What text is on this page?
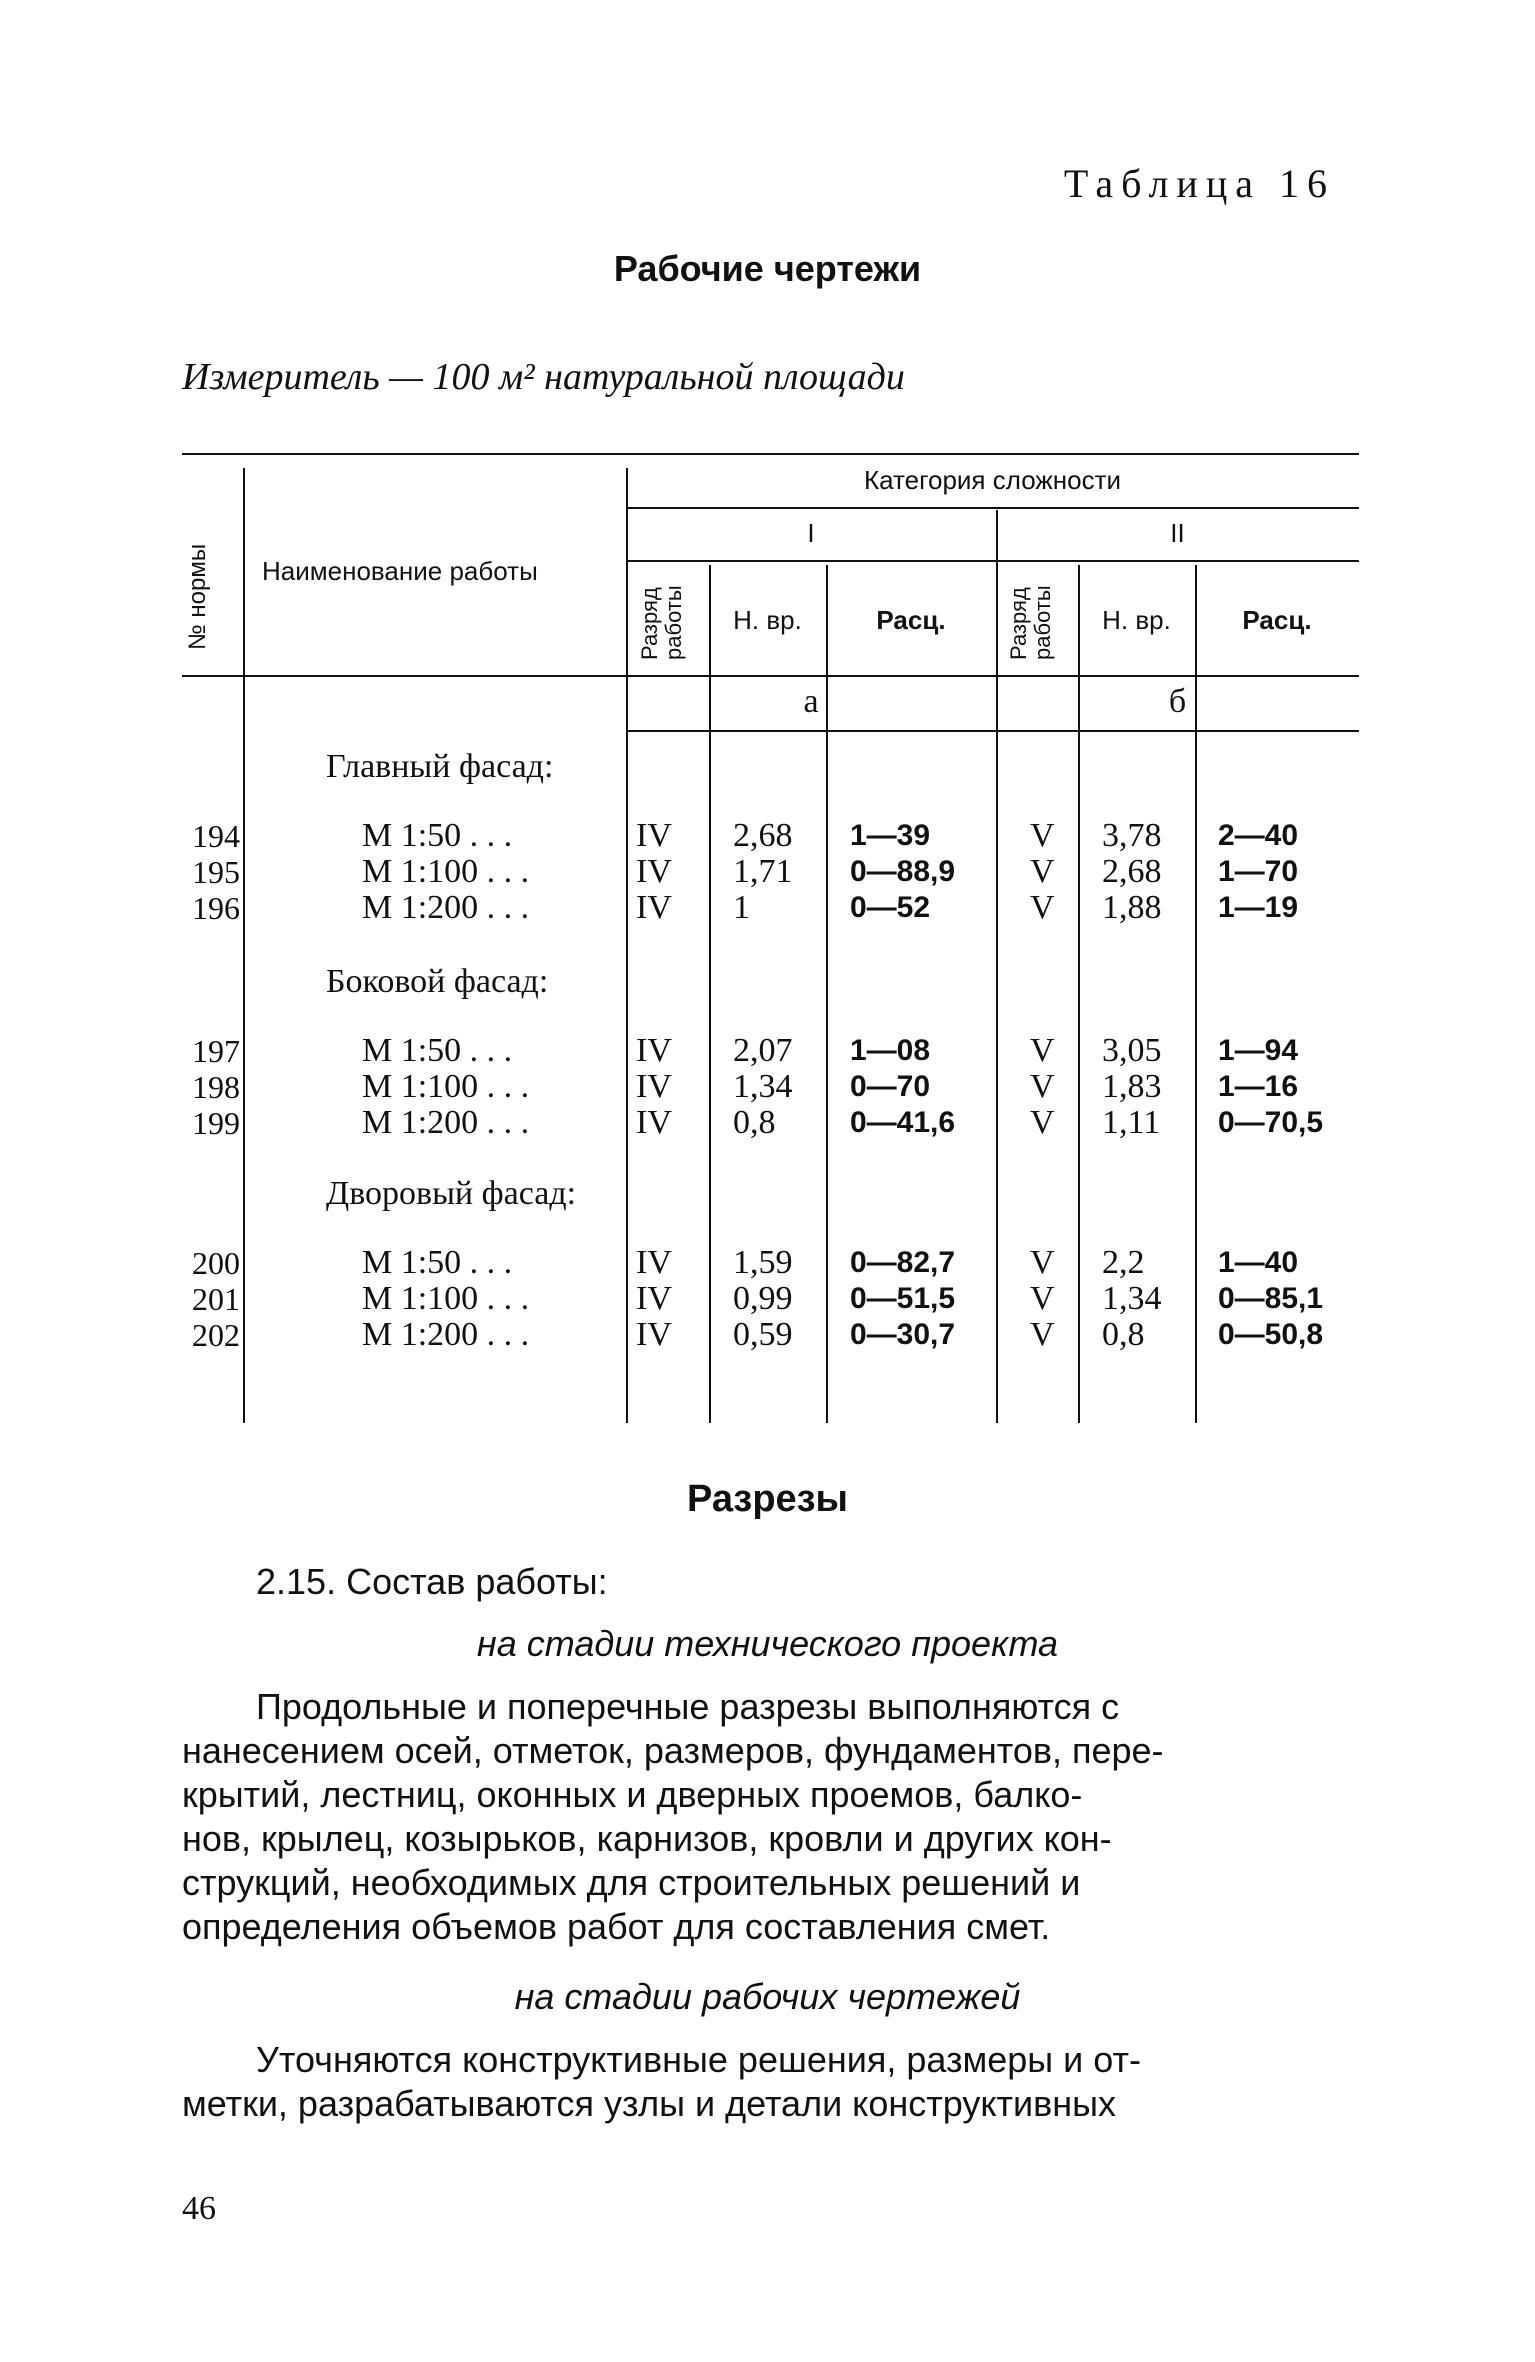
Таблица 16
Рабочие чертежи
Измеритель — 100 м² натуральной площади
№ нормы Наименование работы
Категория сложности
I	II
Разряд работы	Н. вр.	Расц.	Разряд работы	Н. вр.	Расц.
а	б
Главный фасад:
194	М 1:50 . . .	IV 2,68 1—39	V 3,78 2—40
195	М 1:100 . . .	IV 1,71 0—88,9 V 2,68 1—70
196	М 1:200 . . .	IV 1	0—52	V 1,88 1—19
Боковой фасад:
197	М 1:50 . . .	IV 2,07 1—08	V 3,05 1—94
198	М 1:100 . . .	IV 1,34 0—70	V 1,83 1—16
199	М 1:200 . . .	IV 0,8 0—41,6 V 1,11 0—70,5
Дворовый фасад:
200	М 1:50 . . .	IV 1,59 0—82,7 V 2,2 1—40
201	М 1:100 . . .	IV 0,99 0—51,5 V 1,34 0—85,1
202	М 1:200 . . .	IV 0,59 0—30,7 V 0,8 0—50,8
Разрезы
2.15. Состав работы:
на стадии технического проекта
Продольные и поперечные разрезы выполняются с
нанесением осей, отметок, размеров, фундаментов, пере-
крытий, лестниц, оконных и дверных проемов, балко-
нов, крылец, козырьков, карнизов, кровли и других кон-
струкций, необходимых для строительных решений и
определения объемов работ для составления смет.
на стадии рабочих чертежей
Уточняются конструктивные решения, размеры и от-
метки, разрабатываются узлы и детали конструктивных
46
